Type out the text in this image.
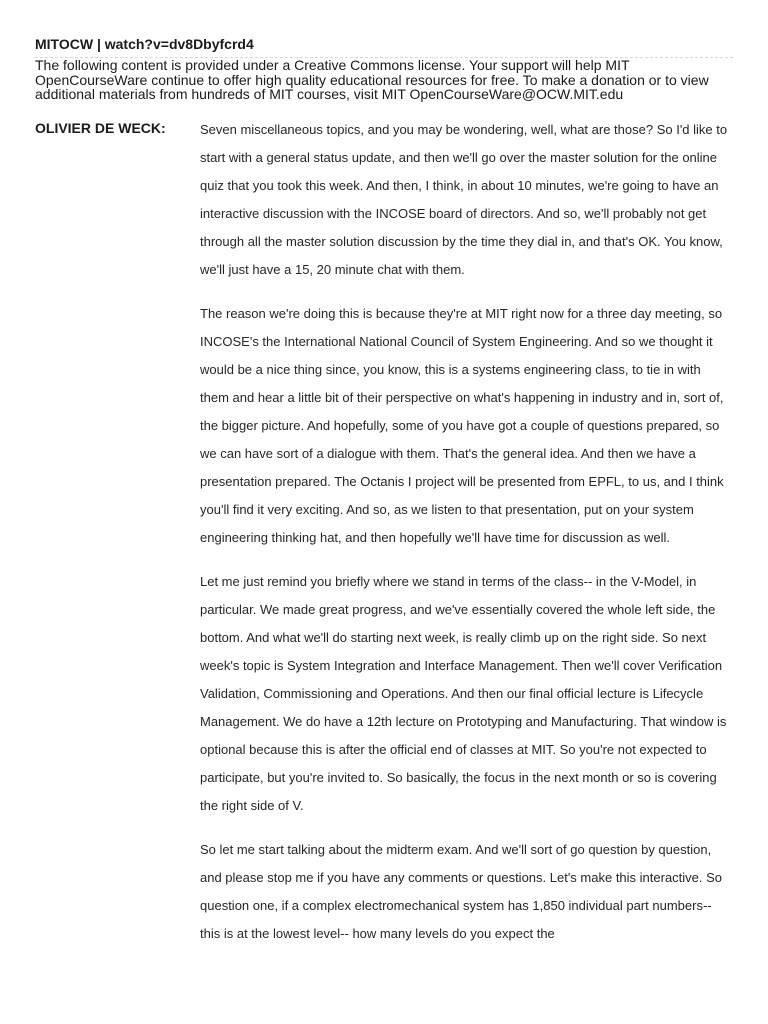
MITOCW | watch?v=dv8Dbyfcrd4
The following content is provided under a Creative Commons license. Your support will help MIT OpenCourseWare continue to offer high quality educational resources for free. To make a donation or to view additional materials from hundreds of MIT courses, visit MIT OpenCourseWare@OCW.MIT.edu
OLIVIER DE WECK:	Seven miscellaneous topics, and you may be wondering, well, what are those? So I'd like to start with a general status update, and then we'll go over the master solution for the online quiz that you took this week. And then, I think, in about 10 minutes, we're going to have an interactive discussion with the INCOSE board of directors. And so, we'll probably not get through all the master solution discussion by the time they dial in, and that's OK. You know, we'll just have a 15, 20 minute chat with them.

The reason we're doing this is because they're at MIT right now for a three day meeting, so INCOSE's the International National Council of System Engineering. And so we thought it would be a nice thing since, you know, this is a systems engineering class, to tie in with them and hear a little bit of their perspective on what's happening in industry and in, sort of, the bigger picture. And hopefully, some of you have got a couple of questions prepared, so we can have sort of a dialogue with them. That's the general idea. And then we have a presentation prepared. The Octanis I project will be presented from EPFL, to us, and I think you'll find it very exciting. And so, as we listen to that presentation, put on your system engineering thinking hat, and then hopefully we'll have time for discussion as well.

Let me just remind you briefly where we stand in terms of the class-- in the V-Model, in particular. We made great progress, and we've essentially covered the whole left side, the bottom. And what we'll do starting next week, is really climb up on the right side. So next week's topic is System Integration and Interface Management. Then we'll cover Verification Validation, Commissioning and Operations. And then our final official lecture is Lifecycle Management. We do have a 12th lecture on Prototyping and Manufacturing. That window is optional because this is after the official end of classes at MIT. So you're not expected to participate, but you're invited to. So basically, the focus in the next month or so is covering the right side of V.

So let me start talking about the midterm exam. And we'll sort of go question by question, and please stop me if you have any comments or questions. Let's make this interactive. So question one, if a complex electromechanical system has 1,850 individual part numbers-- this is at the lowest level-- how many levels do you expect the
